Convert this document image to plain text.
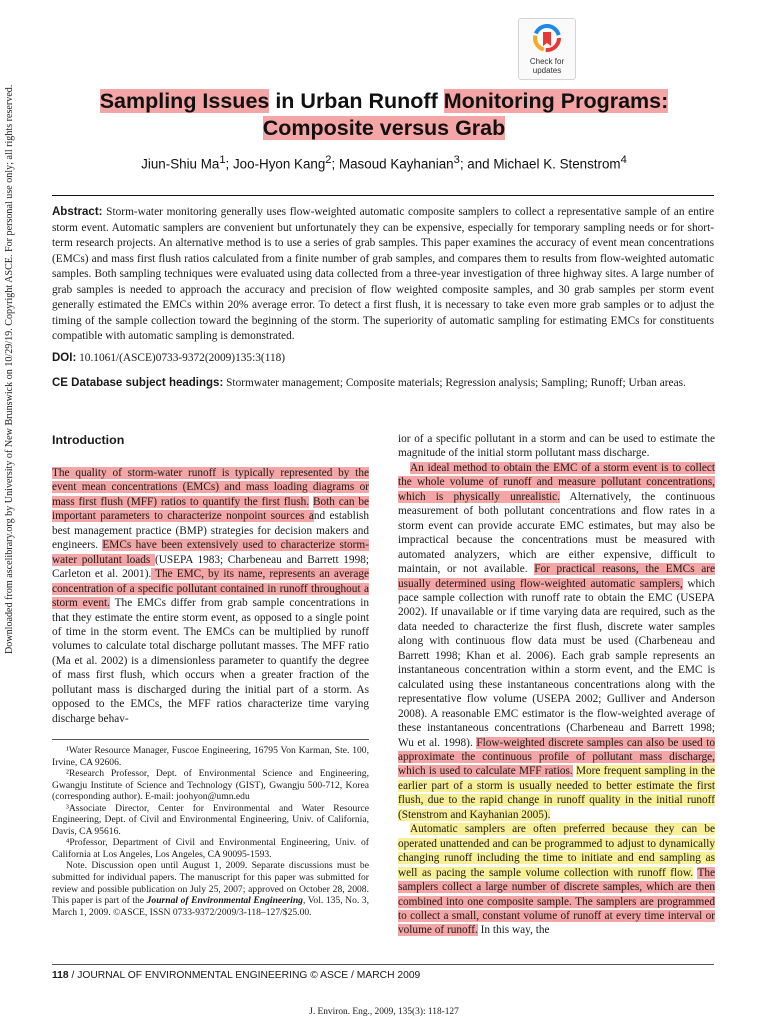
Downloaded from ascelibrary.org by University of New Brunswick on 10/29/19. Copyright ASCE. For personal use only; all rights reserved.
Check for
updates
Sampling Issues in Urban Runoff Monitoring Programs:
Composite versus Grab
Jiun-Shiu Ma$^1$; Joo-Hyon Kang$^2$; Masoud Kayhanian$^3$; and Michael K. Stenstrom$^4$
Abstract: Storm-water monitoring generally uses flow-weighted automatic composite samplers to collect a representative sample of an entire storm event. Automatic samplers are convenient but unfortunately they can be expensive, especially for temporary sampling needs or for short-term research projects. An alternative method is to use a series of grab samples. This paper examines the accuracy of event mean concentrations (EMCs) and mass first flush ratios calculated from a finite number of grab samples, and compares them to results from flow-weighted automatic samples. Both sampling techniques were evaluated using data collected from a three-year investigation of three highway sites. A large number of grab samples is needed to approach the accuracy and precision of flow weighted composite samples, and 30 grab samples per storm event generally estimated the EMCs within 20% average error. To detect a first flush, it is necessary to take even more grab samples or to adjust the timing of the sample collection toward the beginning of the storm. The superiority of automatic sampling for estimating EMCs for constituents compatible with automatic sampling is demonstrated.
DOI: 10.1061/(ASCE)0733-9372(2009)135:3(118)
CE Database subject headings: Stormwater management; Composite materials; Regression analysis; Sampling; Runoff; Urban areas.
Introduction

The quality of storm-water runoff is typically represented by the event mean concentrations (EMCs) and mass loading diagrams or mass first flush (MFF) ratios to quantify the first flush. Both can be important parameters to characterize nonpoint sources and establish best management practice (BMP) strategies for decision makers and engineers. EMCs have been extensively used to characterize storm-water pollutant loads (USEPA 1983; Charbeneau and Barrett 1998; Carleton et al. 2001). The EMC, by its name, represents an average concentration of a specific pollutant contained in runoff throughout a storm event. The EMCs differ from grab sample concentrations in that they estimate the entire storm event, as opposed to a single point of time in the storm event. The EMCs can be multiplied by runoff volumes to calculate total discharge pollutant masses. The MFF ratio (Ma et al. 2002) is a dimensionless parameter to quantify the degree of mass first flush, which occurs when a greater fraction of the pollutant mass is discharged during the initial part of a storm. As opposed to the EMCs, the MFF ratios characterize time varying discharge behav-

¹Water Resource Manager, Fuscoe Engineering, 16795 Von Karman, Ste. 100, Irvine, CA 92606.

²Research Professor, Dept. of Environmental Science and Engineering, Gwangju Institute of Science and Technology (GIST), Gwangju 500-712, Korea (corresponding author). E-mail: joohyon@umn.edu

³Associate Director, Center for Environmental and Water Resource Engineering, Dept. of Civil and Environmental Engineering, Univ. of California, Davis, CA 95616.

⁴Professor, Department of Civil and Environmental Engineering, Univ. of California at Los Angeles, Los Angeles, CA 90095-1593.

Note. Discussion open until August 1, 2009. Separate discussions must be submitted for individual papers. The manuscript for this paper was submitted for review and possible publication on July 25, 2007; approved on October 28, 2008. This paper is part of the Journal of Environmental Engineering, Vol. 135, No. 3, March 1, 2009. ©ASCE, ISSN 0733-9372/2009/3-118–127/$25.00.

ior of a specific pollutant in a storm and can be used to estimate the magnitude of the initial storm pollutant mass discharge.

An ideal method to obtain the EMC of a storm event is to collect the whole volume of runoff and measure pollutant concentrations, which is physically unrealistic. Alternatively, the continuous measurement of both pollutant concentrations and flow rates in a storm event can provide accurate EMC estimates, but may also be impractical because the concentrations must be measured with automated analyzers, which are either expensive, difficult to maintain, or not available. For practical reasons, the EMCs are usually determined using flow-weighted automatic samplers, which pace sample collection with runoff rate to obtain the EMC (USEPA 2002). If unavailable or if time varying data are required, such as the data needed to characterize the first flush, discrete water samples along with continuous flow data must be used (Charbeneau and Barrett 1998; Khan et al. 2006). Each grab sample represents an instantaneous concentration within a storm event, and the EMC is calculated using these instantaneous concentrations along with the representative flow volume (USEPA 2002; Gulliver and Anderson 2008). A reasonable EMC estimator is the flow-weighted average of these instantaneous concentrations (Charbeneau and Barrett 1998; Wu et al. 1998). Flow-weighted discrete samples can also be used to approximate the continuous profile of pollutant mass discharge, which is used to calculate MFF ratios. More frequent sampling in the earlier part of a storm is usually needed to better estimate the first flush, due to the rapid change in runoff quality in the initial runoff (Stenstrom and Kayhanian 2005).

Automatic samplers are often preferred because they can be operated unattended and can be programmed to adjust to dynamically changing runoff including the time to initiate and end sampling as well as pacing the sample volume collection with runoff flow. The samplers collect a large number of discrete samples, which are then combined into one composite sample. The samplers are programmed to collect a small, constant volume of runoff at every time interval or volume of runoff. In this way, the

118 / JOURNAL OF ENVIRONMENTAL ENGINEERING © ASCE / MARCH 2009
J. Environ. Eng., 2009, 135(3): 118-127
